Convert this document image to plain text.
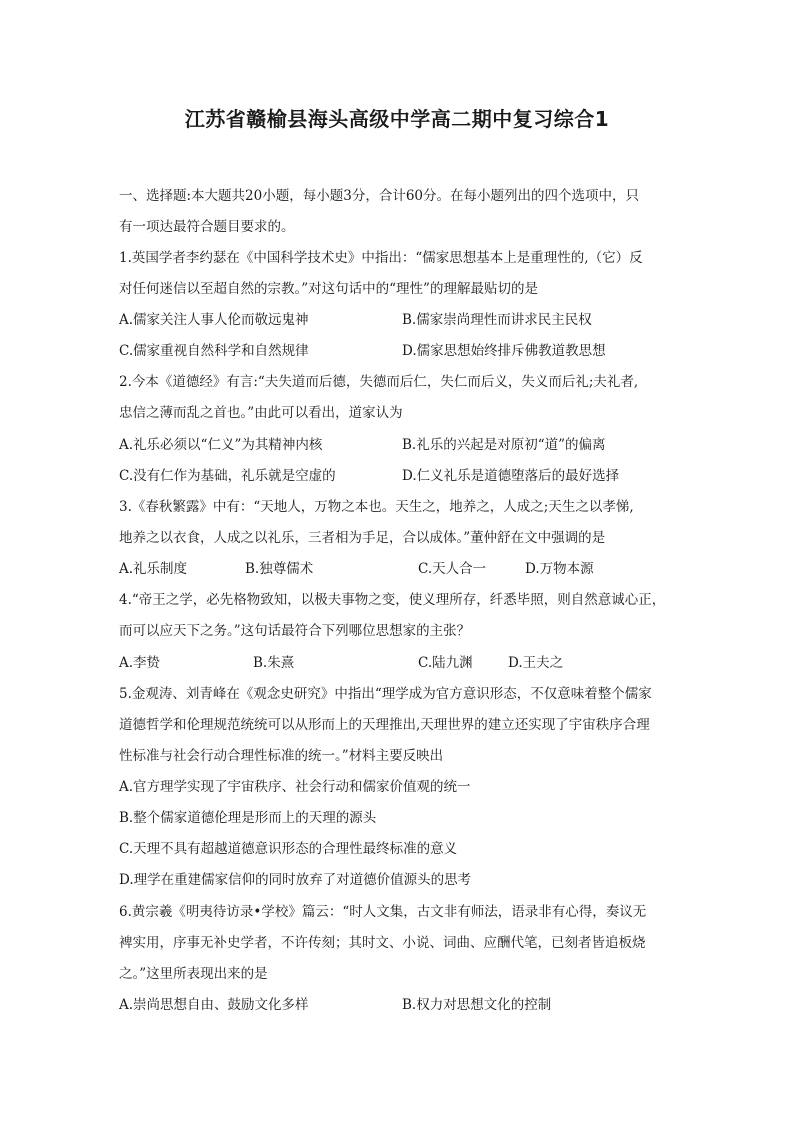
江苏省赣榆县海头高级中学高二期中复习综合1
一、选择题:本大题共20小题，每小题3分，合计60分。在每小题列出的四个选项中，只
有一项达最符合题目要求的。
1.英国学者李约瑟在《中国科学技术史》中指出：“儒家思想基本上是重理性的,（它）反
对任何迷信以至超自然的宗教。”对这句话中的“理性”的理解最贴切的是
A.儒家关注人事人伦而敬远鬼神	B.儒家崇尚理性而讲求民主民权
C.儒家重视自然科学和自然规律	D.儒家思想始终排斥佛教道教思想
2.今本《道德经》有言:“夫失道而后德，失德而后仁，失仁而后义，失义而后礼;夫礼者,
忠信之薄而乱之首也。”由此可以看出，道家认为
A.礼乐必须以“仁义”为其精神内核	B.礼乐的兴起是对原初“道”的偏离
C.没有仁作为基础，礼乐就是空虚的	D.仁义礼乐是道德堕落后的最好选择
3.《春秋繁露》中有：“天地人，万物之本也。天生之，地养之，人成之;天生之以孝悌,
地养之以衣食，人成之以礼乐，三者相为手足，合以成体。”董仲舒在文中强调的是
A.礼乐制度	B.独尊儒术	C.天人合一	D.万物本源
4.“帝王之学，必先格物致知，以极夫事物之变，使义理所存，纤悉毕照，则自然意诚心正，
而可以应天下之务。”这句话最符合下列哪位思想家的主张？
A.李贽	B.朱熹	C.陆九渊	D.王夫之
5.金观涛、刘青峰在《观念史研究》中指出“理学成为官方意识形态，不仅意味着整个儒家
道德哲学和伦理规范统统可以从形而上的天理推出,天理世界的建立还实现了宇宙秩序合理
性标准与社会行动合理性标准的统一。”材料主要反映出
A.官方理学实现了宇宙秩序、社会行动和儒家价值观的统一
B.整个儒家道德伦理是形而上的天理的源头
C.天理不具有超越道德意识形态的合理性最终标准的意义
D.理学在重建儒家信仰的同时放弃了对道德价值源头的思考
6.黄宗羲《明夷待访录•学校》篇云：“时人文集，古文非有师法，语录非有心得，奏议无
裨实用，序事无补史学者，不许传刻；其时文、小说、词曲、应酬代笔，已刻者皆追板烧
之。”这里所表现出来的是
A.崇尚思想自由、鼓励文化多样	B.权力对思想文化的控制
